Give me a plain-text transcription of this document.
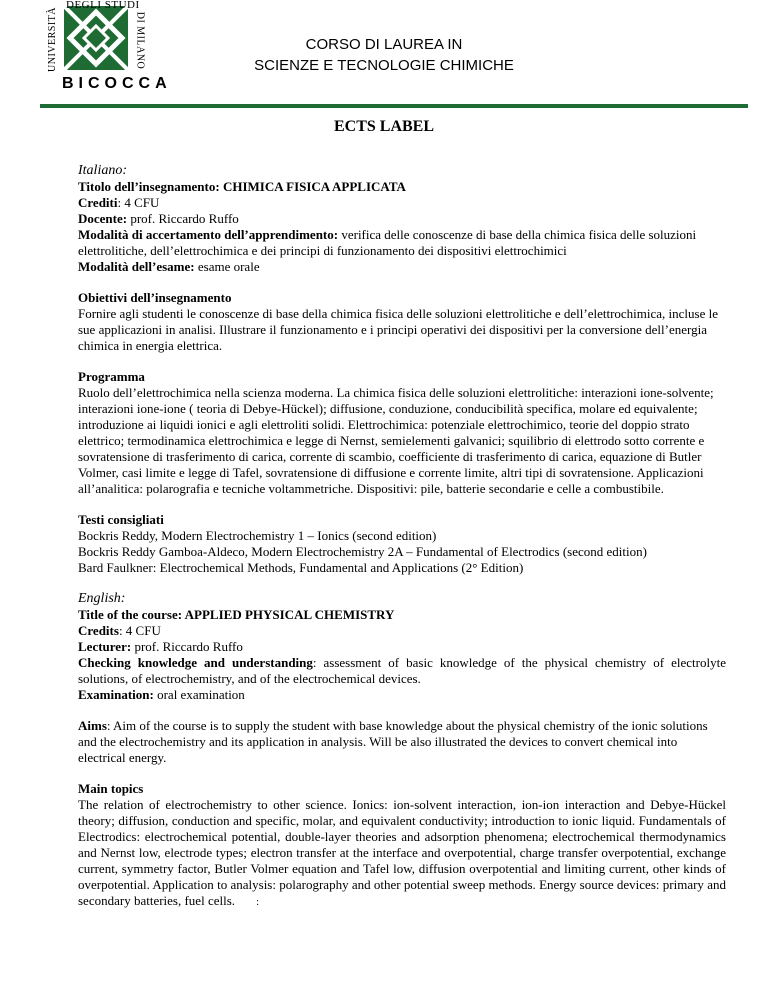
UNIVERSITÀ
DEGLI STUDI
DI MILANO
BICOCCA
CORSO DI LAUREA IN
SCIENZE E TECNOLOGIE CHIMICHE
ECTS LABEL

Italiano:

Titolo dell’insegnamento: CHIMICA FISICA APPLICATA

Crediti: 4 CFU

Docente: prof. Riccardo Ruffo

Modalità di accertamento dell’apprendimento: verifica delle conoscenze di base della chimica fisica delle soluzioni elettrolitiche, dell’elettrochimica e dei principi di funzionamento dei dispositivi elettrochimici

Modalità dell’esame: esame orale

Obiettivi dell’insegnamento

Fornire agli studenti le conoscenze di base della chimica fisica delle soluzioni elettrolitiche e dell’elettrochimica, incluse le sue applicazioni in analisi. Illustrare il funzionamento e i principi operativi dei dispositivi per la conversione dell’energia chimica in energia elettrica.

Programma

Ruolo dell’elettrochimica nella scienza moderna. La chimica fisica delle soluzioni elettrolitiche: interazioni ione-solvente; interazioni ione-ione ( teoria di Debye-Hückel); diffusione, conduzione, conducibilità specifica, molare ed equivalente; introduzione ai liquidi ionici e agli elettroliti solidi. Elettrochimica: potenziale elettrochimico, teorie del doppio strato elettrico; termodinamica elettrochimica e legge di Nernst, semielementi galvanici; squilibrio di elettrodo sotto corrente e sovratensione di trasferimento di carica, corrente di scambio, coefficiente di trasferimento di carica, equazione di Butler Volmer, casi limite e legge di Tafel, sovratensione di diffusione e corrente limite, altri tipi di sovratensione. Applicazioni all’analitica: polarografia e tecniche voltammetriche. Dispositivi: pile, batterie secondarie e celle a combustibile.

Testi consigliati

Bockris Reddy, Modern Electrochemistry 1 – Ionics (second edition)

Bockris Reddy Gamboa-Aldeco, Modern Electrochemistry 2A – Fundamental of Electrodics (second edition)

Bard Faulkner: Electrochemical Methods, Fundamental and Applications (2° Edition)

English:

Title of the course: APPLIED PHYSICAL CHEMISTRY

Credits: 4 CFU

Lecturer: prof. Riccardo Ruffo

Checking knowledge and understanding: assessment of basic knowledge of the physical chemistry of electrolyte solutions, of electrochemistry, and of the electrochemical devices.

Examination: oral examination

Aims: Aim of the course is to supply the student with base knowledge about the physical chemistry of the ionic solutions and the electrochemistry and its application in analysis. Will be also illustrated the devices to convert chemical into electrical energy.

Main topics

The relation of electrochemistry to other science. Ionics: ion-solvent interaction, ion-ion interaction and Debye-Hückel theory; diffusion, conduction and specific, molar, and equivalent conductivity; introduction to ionic liquid. Fundamentals of Electrodics: electrochemical potential, double-layer theories and adsorption phenomena; electrochemical thermodynamics and Nernst low, electrode types; electron transfer at the interface and overpotential, charge transfer overpotential, exchange current, symmetry factor, Butler Volmer equation and Tafel low, diffusion overpotential and limiting current, other kinds of overpotential. Application to analysis: polarography and other potential sweep methods. Energy source devices: primary and secondary batteries, fuel cells. :
